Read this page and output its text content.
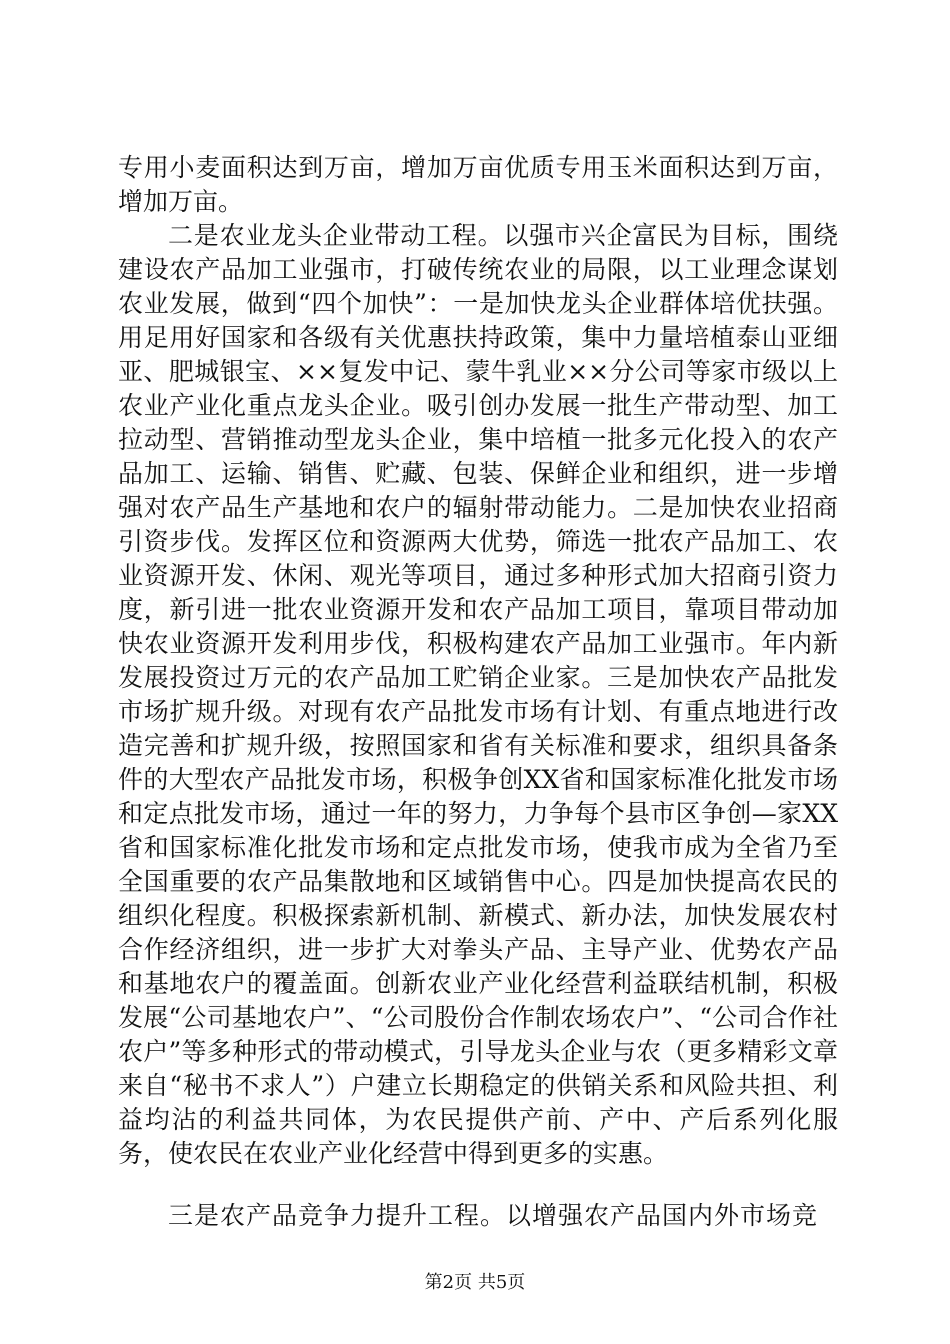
专用小麦面积达到万亩，增加万亩优质专用玉米面积达到万亩，增加万亩。

二是农业龙头企业带动工程。以强市兴企富民为目标，围绕建设农产品加工业强市，打破传统农业的局限，以工业理念谋划农业发展，做到“四个加快”：一是加快龙头企业群体培优扶强。用足用好国家和各级有关优惠扶持政策，集中力量培植泰山亚细亚、肥城银宝、××复发中记、蒙牛乳业××分公司等家市级以上农业产业化重点龙头企业。吸引创办发展一批生产带动型、加工拉动型、营销推动型龙头企业，集中培植一批多元化投入的农产品加工、运输、销售、贮藏、包装、保鲜企业和组织，进一步增强对农产品生产基地和农户的辐射带动能力。二是加快农业招商引资步伐。发挥区位和资源两大优势，筛选一批农产品加工、农业资源开发、休闲、观光等项目，通过多种形式加大招商引资力度，新引进一批农业资源开发和农产品加工项目，靠项目带动加快农业资源开发利用步伐，积极构建农产品加工业强市。年内新发展投资过万元的农产品加工贮销企业家。三是加快农产品批发市场扩规升级。对现有农产品批发市场有计划、有重点地进行改造完善和扩规升级，按照国家和省有关标准和要求，组织具备条件的大型农产品批发市场，积极争创XX省和国家标准化批发市场和定点批发市场，通过一年的努力，力争每个县市区争创—家XX省和国家标准化批发市场和定点批发市场，使我市成为全省乃至全国重要的农产品集散地和区域销售中心。四是加快提高农民的组织化程度。积极探索新机制、新模式、新办法，加快发展农村合作经济组织，进一步扩大对拳头产品、主导产业、优势农产品和基地农户的覆盖面。创新农业产业化经营利益联结机制，积极发展“公司基地农户”、“公司股份合作制农场农户”、“公司合作社农户”等多种形式的带动模式，引导龙头企业与农（更多精彩文章来自“秘书不求人”）户建立长期稳定的供销关系和风险共担、利益均沾的利益共同体，为农民提供产前、产中、产后系列化服务，使农民在农业产业化经营中得到更多的实惠。

三是农产品竞争力提升工程。以增强农产品国内外市场竞

第2页 共5页
